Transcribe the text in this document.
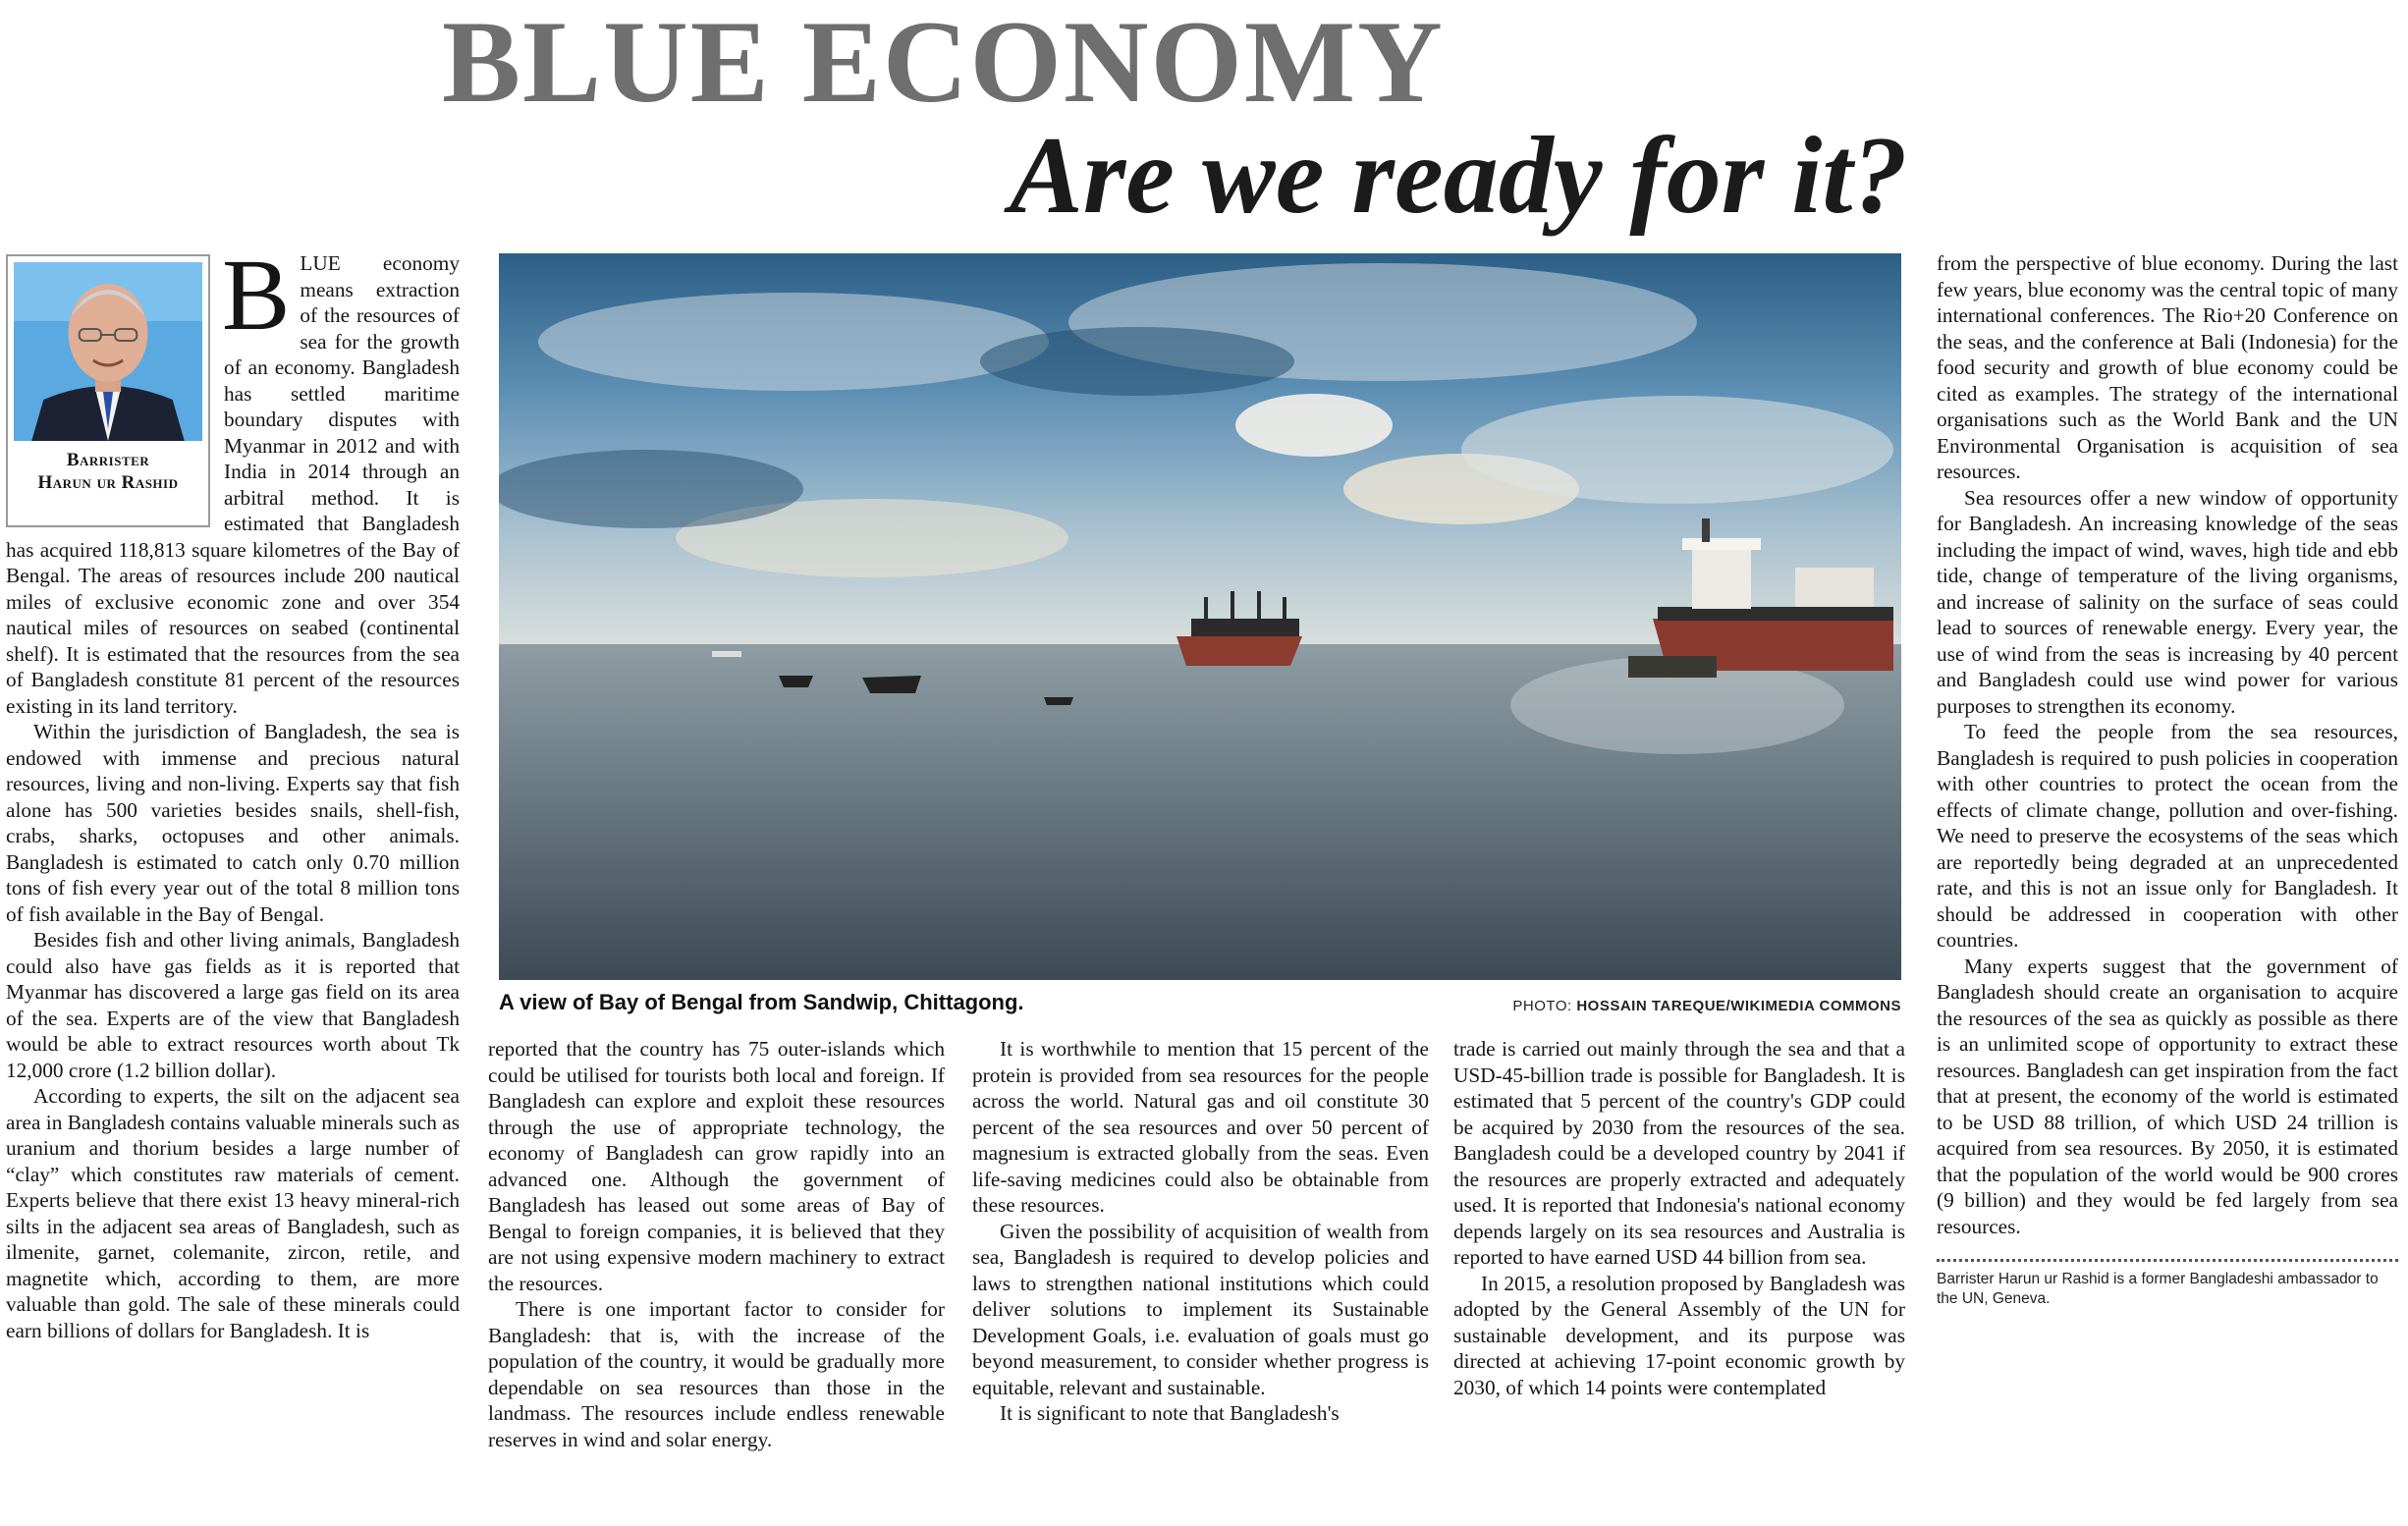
BLUE ECONOMY
Are we ready for it?
Barrister
Harun ur Rashid

BLUE economy means extraction of the resources of sea for the growth of an economy. Bangladesh has settled maritime boundary disputes with Myanmar in 2012 and with India in 2014 through an arbitral method. It is estimated that Bangladesh has acquired 118,813 square kilometres of the Bay of Bengal. The areas of resources include 200 nautical miles of exclusive economic zone and over 354 nautical miles of resources on seabed (continental shelf). It is estimated that the resources from the sea of Bangladesh constitute 81 percent of the resources existing in its land territory.

Within the jurisdiction of Bangladesh, the sea is endowed with immense and precious natural resources, living and non-living. Experts say that fish alone has 500 varieties besides snails, shell-fish, crabs, sharks, octopuses and other animals. Bangladesh is estimated to catch only 0.70 million tons of fish every year out of the total 8 million tons of fish available in the Bay of Bengal.

Besides fish and other living animals, Bangladesh could also have gas fields as it is reported that Myanmar has discovered a large gas field on its area of the sea. Experts are of the view that Bangladesh would be able to extract resources worth about Tk 12,000 crore (1.2 billion dollar).

According to experts, the silt on the adjacent sea area in Bangladesh contains valuable minerals such as uranium and thorium besides a large number of “clay” which constitutes raw materials of cement. Experts believe that there exist 13 heavy mineral-rich silts in the adjacent sea areas of Bangladesh, such as ilmenite, garnet, colemanite, zircon, retile, and magnetite which, according to them, are more valuable than gold. The sale of these minerals could earn billions of dollars for Bangladesh. It is

A view of Bay of Bengal from Sandwip, Chittagong.	PHOTO: HOSSAIN TAREQUE/WIKIMEDIA COMMONS

reported that the country has 75 outer-islands which could be utilised for tourists both local and foreign. If Bangladesh can explore and exploit these resources through the use of appropriate technology, the economy of Bangladesh can grow rapidly into an advanced one. Although the government of Bangladesh has leased out some areas of Bay of Bengal to foreign companies, it is believed that they are not using expensive modern machinery to extract the resources.

There is one important factor to consider for Bangladesh: that is, with the increase of the population of the country, it would be gradually more dependable on sea resources than those in the landmass. The resources include endless renewable reserves in wind and solar energy.

It is worthwhile to mention that 15 percent of the protein is provided from sea resources for the people across the world. Natural gas and oil constitute 30 percent of the sea resources and over 50 percent of magnesium is extracted globally from the seas. Even life-saving medicines could also be obtainable from these resources.

Given the possibility of acquisition of wealth from sea, Bangladesh is required to develop policies and laws to strengthen national institutions which could deliver solutions to implement its Sustainable Development Goals, i.e. evaluation of goals must go beyond measurement, to consider whether progress is equitable, relevant and sustainable.

It is significant to note that Bangladesh's

trade is carried out mainly through the sea and that a USD-45-billion trade is possible for Bangladesh. It is estimated that 5 percent of the country's GDP could be acquired by 2030 from the resources of the sea. Bangladesh could be a developed country by 2041 if the resources are properly extracted and adequately used. It is reported that Indonesia's national economy depends largely on its sea resources and Australia is reported to have earned USD 44 billion from sea.

In 2015, a resolution proposed by Bangladesh was adopted by the General Assembly of the UN for sustainable development, and its purpose was directed at achieving 17-point economic growth by 2030, of which 14 points were contemplated

from the perspective of blue economy. During the last few years, blue economy was the central topic of many international conferences. The Rio+20 Conference on the seas, and the conference at Bali (Indonesia) for the food security and growth of blue economy could be cited as examples. The strategy of the international organisations such as the World Bank and the UN Environmental Organisation is acquisition of sea resources.

Sea resources offer a new window of opportunity for Bangladesh. An increasing knowledge of the seas including the impact of wind, waves, high tide and ebb tide, change of temperature of the living organisms, and increase of salinity on the surface of seas could lead to sources of renewable energy. Every year, the use of wind from the seas is increasing by 40 percent and Bangladesh could use wind power for various purposes to strengthen its economy.

To feed the people from the sea resources, Bangladesh is required to push policies in cooperation with other countries to protect the ocean from the effects of climate change, pollution and over-fishing. We need to preserve the ecosystems of the seas which are reportedly being degraded at an unprecedented rate, and this is not an issue only for Bangladesh. It should be addressed in cooperation with other countries.

Many experts suggest that the government of Bangladesh should create an organisation to acquire the resources of the sea as quickly as possible as there is an unlimited scope of opportunity to extract these resources. Bangladesh can get inspiration from the fact that at present, the economy of the world is estimated to be USD 88 trillion, of which USD 24 trillion is acquired from sea resources. By 2050, it is estimated that the population of the world would be 900 crores (9 billion) and they would be fed largely from sea resources.

Barrister Harun ur Rashid is a former Bangladeshi ambassador to the UN, Geneva.
